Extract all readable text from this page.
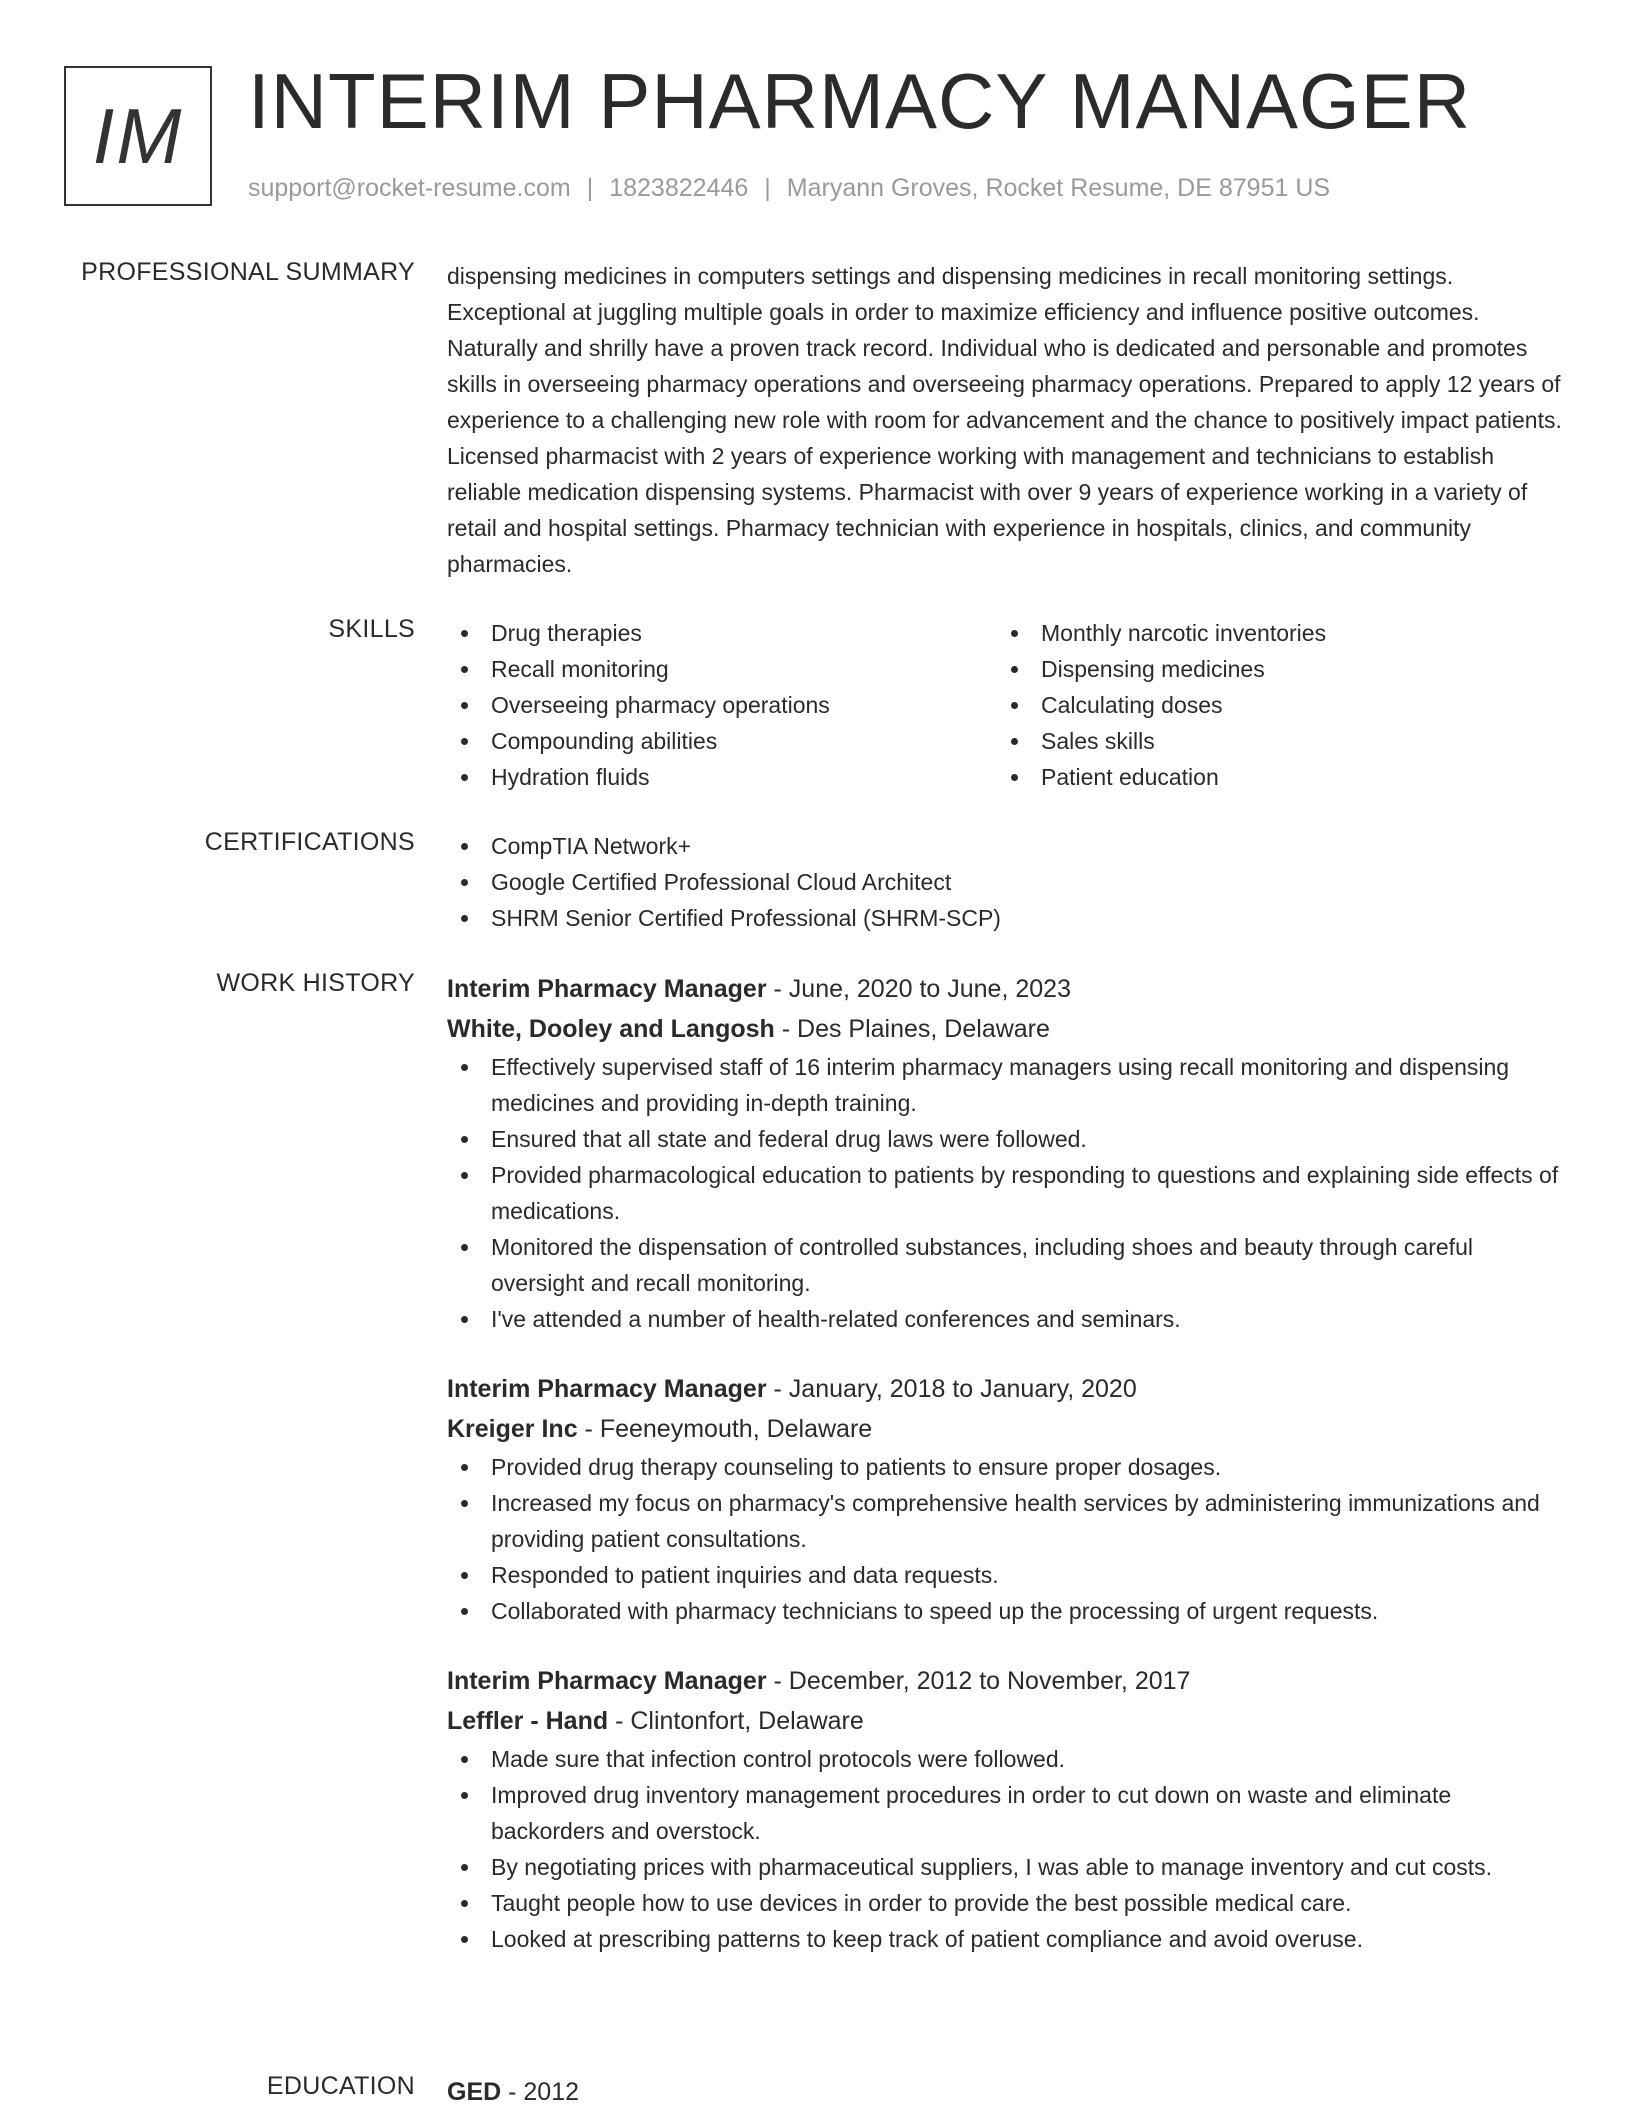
IM INTERIM PHARMACY MANAGER
support@rocket-resume.com | 1823822446 | Maryann Groves, Rocket Resume, DE 87951 US
PROFESSIONAL SUMMARY dispensing medicines in computers settings and dispensing medicines in recall monitoring settings. Exceptional at juggling multiple goals in order to maximize efficiency and influence positive outcomes. Naturally and shrilly have a proven track record. Individual who is dedicated and personable and promotes skills in overseeing pharmacy operations and overseeing pharmacy operations. Prepared to apply 12 years of experience to a challenging new role with room for advancement and the chance to positively impact patients. Licensed pharmacist with 2 years of experience working with management and technicians to establish reliable medication dispensing systems. Pharmacist with over 9 years of experience working in a variety of retail and hospital settings. Pharmacy technician with experience in hospitals, clinics, and community pharmacies.

SKILLS	Drug therapies
Recall monitoring
Overseeing pharmacy operations
Compounding abilities
Hydration fluids
Monthly narcotic inventories
Dispensing medicines
Calculating doses
Sales skills
Patient education
CERTIFICATIONS	CompTIA Network+
Google Certified Professional Cloud Architect
SHRM Senior Certified Professional (SHRM-SCP)
WORK HISTORY Interim Pharmacy Manager - June, 2020 to June, 2023
White, Dooley and Langosh - Des Plaines, Delaware
Effectively supervised staff of 16 interim pharmacy managers using recall monitoring and dispensing medicines and providing in-depth training.
Ensured that all state and federal drug laws were followed.
Provided pharmacological education to patients by responding to questions and explaining side effects of medications.
Monitored the dispensation of controlled substances, including shoes and beauty through careful oversight and recall monitoring.
I've attended a number of health-related conferences and seminars.
Interim Pharmacy Manager - January, 2018 to January, 2020
Kreiger Inc - Feeneymouth, Delaware
Provided drug therapy counseling to patients to ensure proper dosages.
Increased my focus on pharmacy's comprehensive health services by administering immunizations and providing patient consultations.
Responded to patient inquiries and data requests.
Collaborated with pharmacy technicians to speed up the processing of urgent requests.
Interim Pharmacy Manager - December, 2012 to November, 2017
Leffler - Hand - Clintonfort, Delaware
Made sure that infection control protocols were followed.
Improved drug inventory management procedures in order to cut down on waste and eliminate backorders and overstock.
By negotiating prices with pharmaceutical suppliers, I was able to manage inventory and cut costs.
Taught people how to use devices in order to provide the best possible medical care.
Looked at prescribing patterns to keep track of patient compliance and avoid overuse.
EDUCATION GED - 2012
